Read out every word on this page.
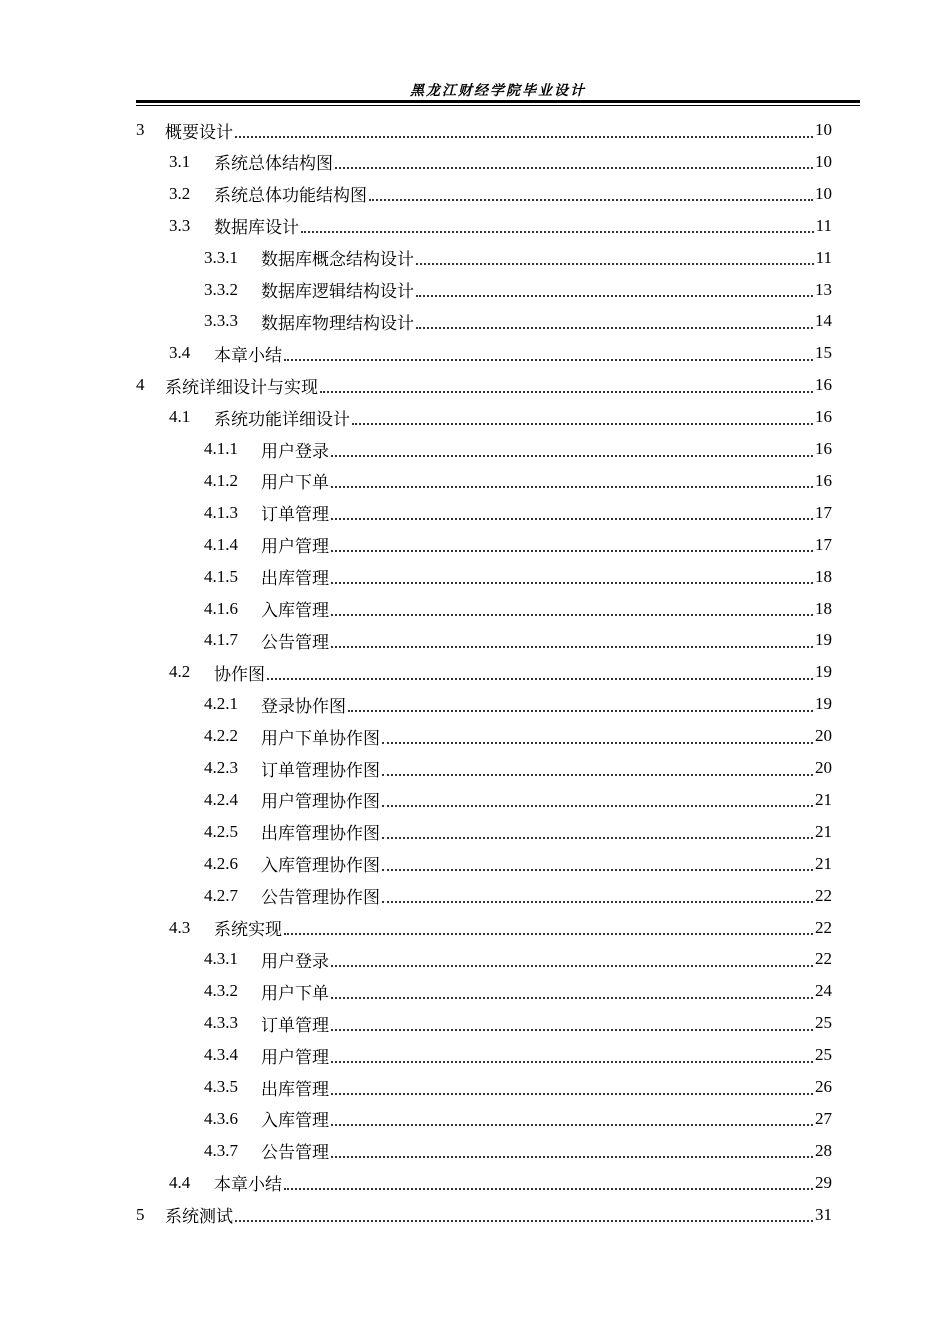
黑龙江财经学院毕业设计
3	概要设计	10
3.1	系统总体结构图	10
3.2	系统总体功能结构图	10
3.3	数据库设计	11
3.3.1	数据库概念结构设计	11
3.3.2	数据库逻辑结构设计	13
3.3.3	数据库物理结构设计	14
3.4	本章小结	15
4	系统详细设计与实现	16
4.1	系统功能详细设计	16
4.1.1	用户登录	16
4.1.2	用户下单	16
4.1.3	订单管理	17
4.1.4	用户管理	17
4.1.5	出库管理	18
4.1.6	入库管理	18
4.1.7	公告管理	19
4.2	协作图	19
4.2.1	登录协作图	19
4.2.2	用户下单协作图	20
4.2.3	订单管理协作图	20
4.2.4	用户管理协作图	21
4.2.5	出库管理协作图	21
4.2.6	入库管理协作图	21
4.2.7	公告管理协作图	22
4.3	系统实现	22
4.3.1	用户登录	22
4.3.2	用户下单	24
4.3.3	订单管理	25
4.3.4	用户管理	25
4.3.5	出库管理	26
4.3.6	入库管理	27
4.3.7	公告管理	28
4.4	本章小结	29
5	系统测试	31
